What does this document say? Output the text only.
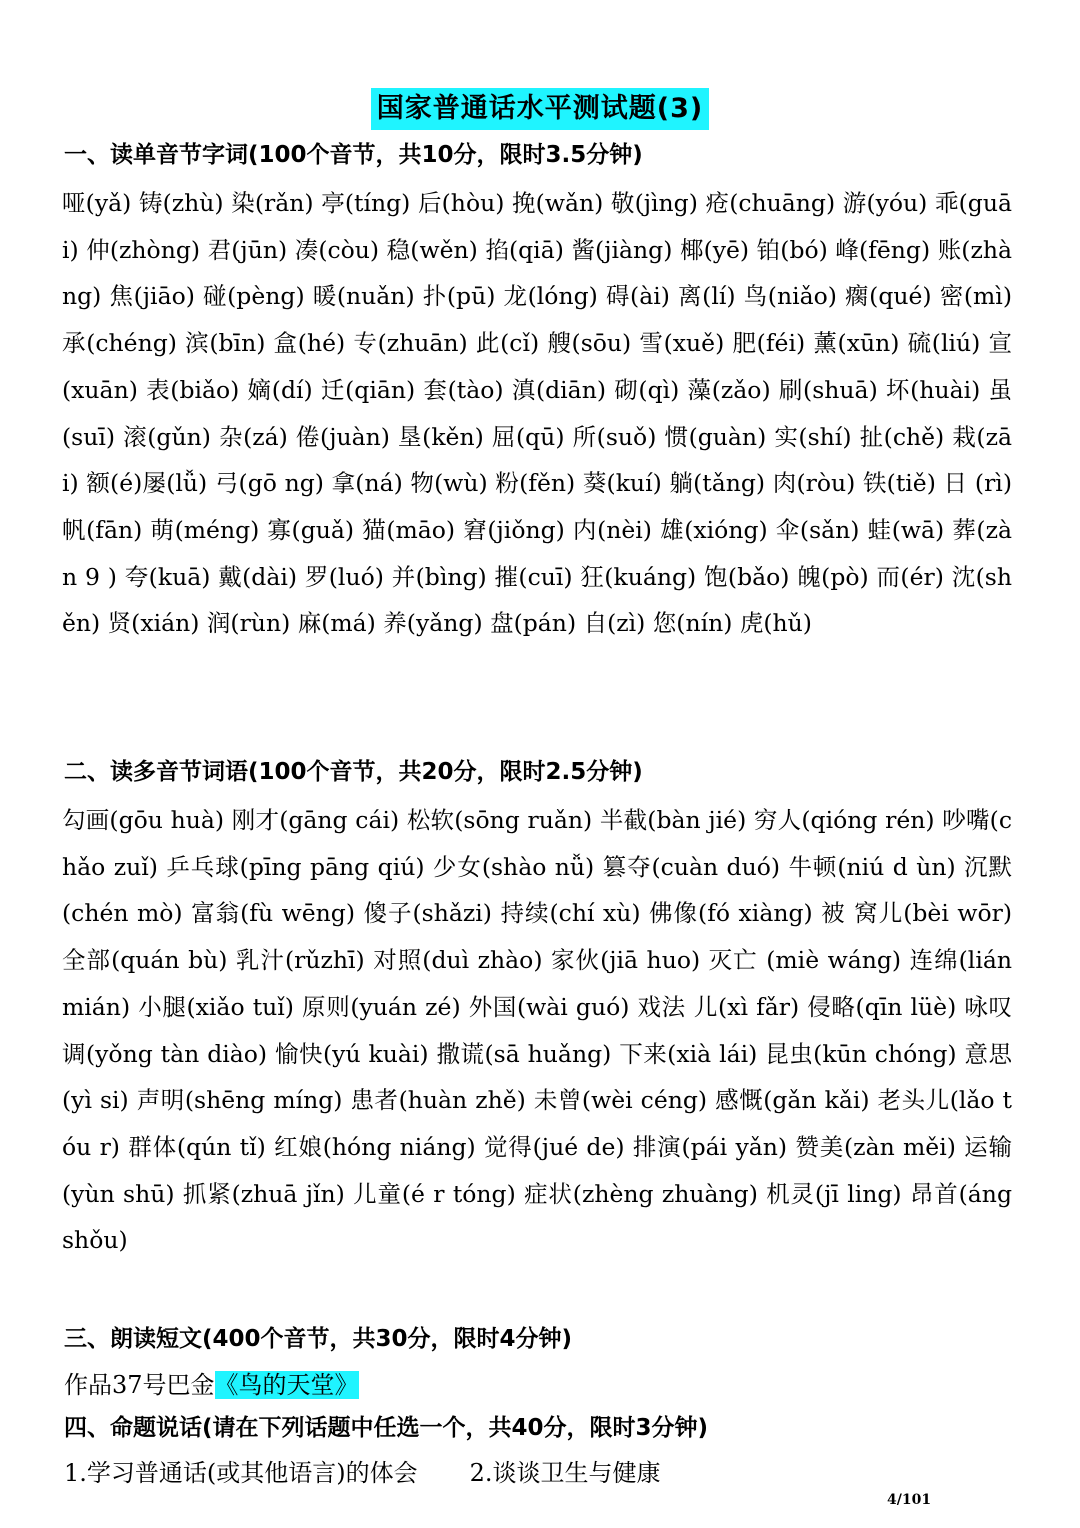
国家普通话水平测试题(3)
一、读单音节字词(100个音节，共10分，限时3.5分钟)
哑(yǎ) 铸(zhù) 染(rǎn) 亭(tíng) 后(hòu) 挽(wǎn) 敬(jìng) 疮(chuāng) 游(yóu) 乖(guāi) 仲(zhòng) 君(jūn) 凑(còu) 稳(wěn) 掐(qiā) 酱(jiàng) 椰(yē) 铂(bó) 峰(fēng) 账(zhàng) 焦(jiāo) 碰(pèng) 暖(nuǎn) 扑(pū) 龙(lóng) 碍(ài) 离(lí) 鸟(niǎo) 瘸(qué) 密(mì) 承(chéng) 滨(bīn) 盒(hé) 专(zhuān) 此(cǐ) 艘(sōu) 雪(xuě) 肥(féi) 薰(xūn) 硫(liú) 宣(xuān) 表(biǎo) 嫡(dí) 迁(qiān) 套(tào) 滇(diān) 砌(qì) 藻(zǎo) 刷(shuā) 坏(huài) 虽(suī) 滚(gǔn) 杂(zá) 倦(juàn) 垦(kěn) 屈(qū) 所(suǒ) 惯(guàn) 实(shí) 扯(chě) 栽(zāi) 额(é)屡(lǚ) 弓(gō ng) 拿(ná) 物(wù) 粉(fěn) 葵(kuí) 躺(tǎng) 肉(ròu) 铁(tiě) 日 (rì) 帆(fān) 萌(méng) 寡(guǎ) 猫(māo) 窘(jiǒng) 内(nèi) 雄(xióng) 伞(sǎn) 蛙(wā) 葬(zàn 9 ) 夸(kuā) 戴(dài) 罗(luó) 并(bìng) 摧(cuī) 狂(kuáng) 饱(bǎo) 魄(pò) 而(ér) 沈(shěn) 贤(xián) 润(rùn) 麻(má) 养(yǎng) 盘(pán) 自(zì) 您(nín) 虎(hǔ)
二、读多音节词语(100个音节，共20分，限时2.5分钟)
勾画(gōu huà) 刚才(gāng cái) 松软(sōng ruǎn) 半截(bàn jié) 穷人(qióng rén) 吵嘴(chǎo zuǐ) 乒乓球(pīng pāng qiú) 少女(shào nǚ) 篡夺(cuàn duó) 牛顿(niú d ùn) 沉默(chén mò) 富翁(fù wēng) 傻子(shǎzi) 持续(chí xù) 佛像(fó xiàng) 被 窝儿(bèi wōr) 全部(quán bù) 乳汁(rǔzhī) 对照(duì zhào) 家伙(jiā huo) 灭亡 (miè wáng) 连绵(lián mián) 小腿(xiǎo tuǐ) 原则(yuán zé) 外国(wài guó) 戏法 儿(xì fǎr) 侵略(qīn lüè) 咏叹调(yǒng tàn diào) 愉快(yú kuài) 撒谎(sā huǎng) 下来(xià lái) 昆虫(kūn chóng) 意思(yì si) 声明(shēng míng) 患者(huàn zhě) 未曾(wèi céng) 感慨(gǎn kǎi) 老头儿(lǎo tóu r) 群体(qún tǐ) 红娘(hóng niáng) 觉得(jué de) 排演(pái yǎn) 赞美(zàn měi) 运输(yùn shū) 抓紧(zhuā jǐn) 儿童(é r tóng) 症状(zhèng zhuàng) 机灵(jī ling) 昂首(áng shǒu)
三、朗读短文(400个音节，共30分，限时4分钟)
作品37号巴金《鸟的天堂》
四、命题说话(请在下列话题中任选一个，共40分，限时3分钟)
1.学习普通话(或其他语言)的体会 2.谈谈卫生与健康
4/101
